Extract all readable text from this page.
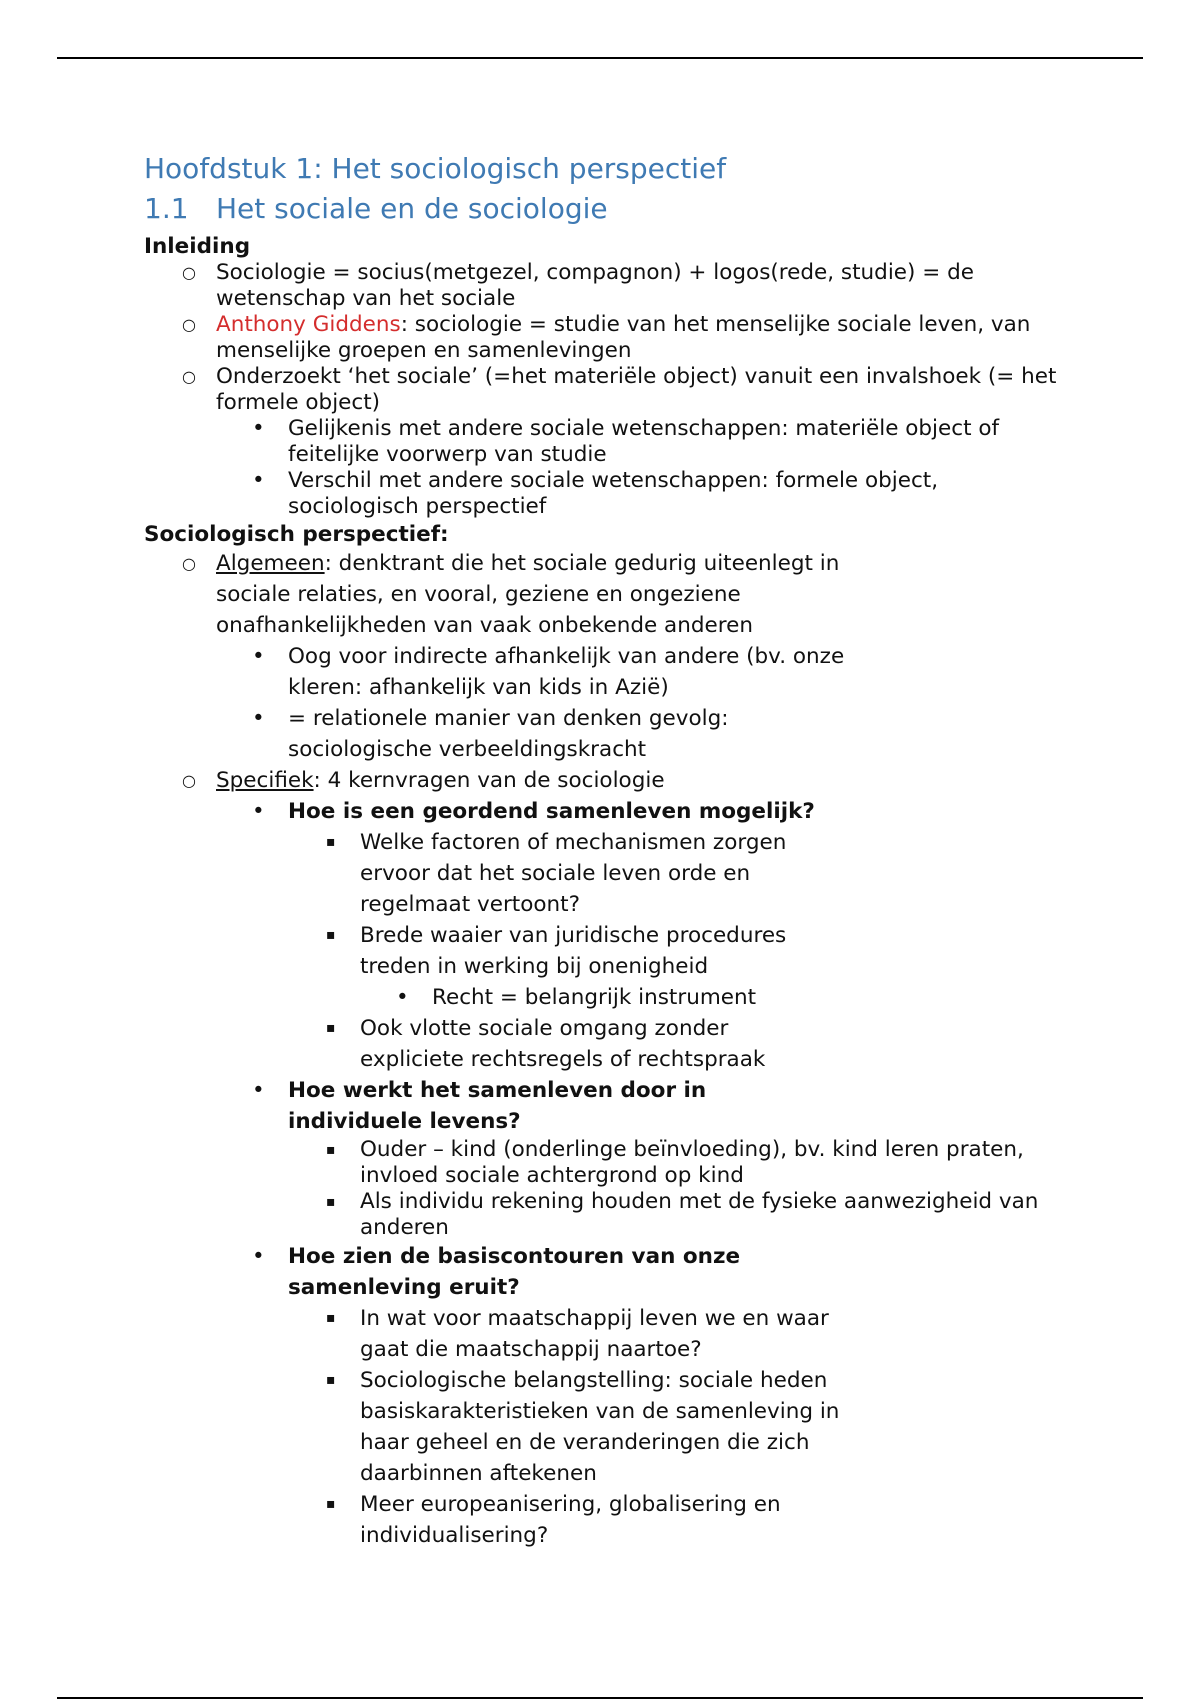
Hoofdstuk 1: Het sociologisch perspectief
1.1 Het sociale en de sociologie
Inleiding
○ Sociologie = socius(metgezel, compagnon) + logos(rede, studie) = de wetenschap van het sociale
○ Anthony Giddens: sociologie = studie van het menselijke sociale leven, van menselijke groepen en samenlevingen
○ Onderzoekt ‘het sociale’ (=het materiële object) vanuit een invalshoek (= het formele object)
• Gelijkenis met andere sociale wetenschappen: materiële object of feitelijke voorwerp van studie
• Verschil met andere sociale wetenschappen: formele object, sociologisch perspectief
Sociologisch perspectief:
○ Algemeen: denktrant die het sociale gedurig uiteenlegt in sociale relaties, en vooral, geziene en ongeziene onafhankelijkheden van vaak onbekende anderen
• Oog voor indirecte afhankelijk van andere (bv. onze kleren: afhankelijk van kids in Azië)
• = relationele manier van denken gevolg: sociologische verbeeldingskracht
○ Specifiek: 4 kernvragen van de sociologie
• Hoe is een geordend samenleven mogelijk?
▪ Welke factoren of mechanismen zorgen ervoor dat het sociale leven orde en regelmaat vertoont?
▪ Brede waaier van juridische procedures treden in werking bij onenigheid
• Recht = belangrijk instrument
▪ Ook vlotte sociale omgang zonder expliciete rechtsregels of rechtspraak
• Hoe werkt het samenleven door in individuele levens?
▪ Ouder – kind (onderlinge beïnvloeding), bv. kind leren praten, invloed sociale achtergrond op kind
▪ Als individu rekening houden met de fysieke aanwezigheid van anderen
• Hoe zien de basiscontouren van onze samenleving eruit?
▪ In wat voor maatschappij leven we en waar gaat die maatschappij naartoe?
▪ Sociologische belangstelling: sociale heden basiskarakteristieken van de samenleving in haar geheel en de veranderingen die zich daarbinnen aftekenen
▪ Meer europeanisering, globalisering en individualisering?
